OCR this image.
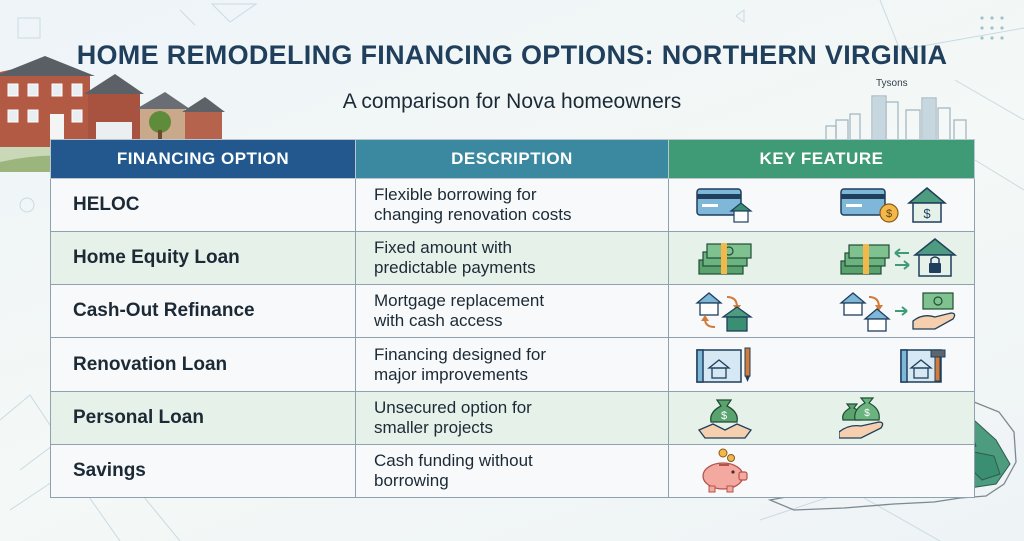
Tysons
HOME REMODELING FINANCING OPTIONS: NORTHERN VIRGINIA
A comparison for Nova homeowners
FINANCING OPTION	DESCRIPTION	KEY FEATURE
HELOC	Flexible borrowing for
changing renovation costs	$ $

Home Equity Loan	Fixed amount with
predictable payments

Cash-Out Refinance	Mortgage replacement
with cash access

Renovation Loan	Financing designed for
major improvements

Personal Loan	Unsecured option for
smaller projects	$ $

Savings	Cash funding without
borrowing
